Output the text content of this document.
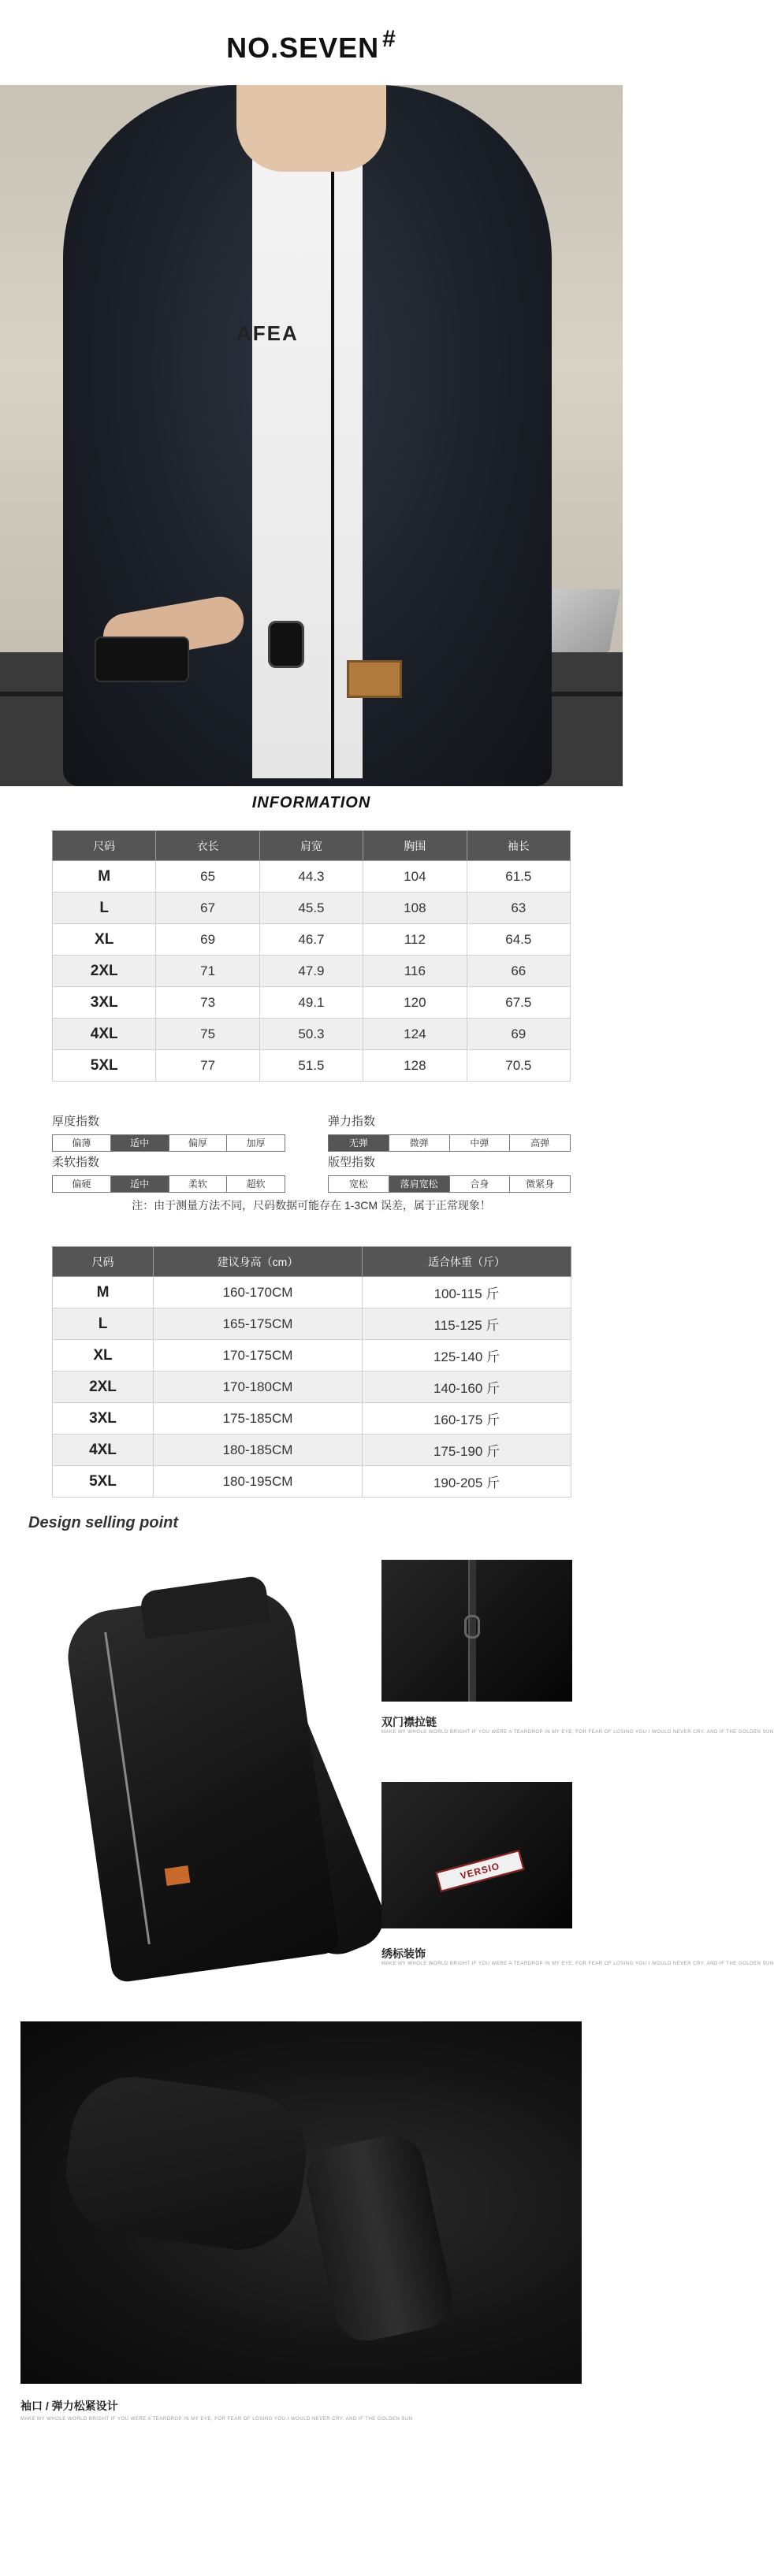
NO.SEVEN #
AFEA
INFORMATION
尺码	衣长	肩宽	胸围	袖长
M	65	44.3	104	61.5
L	67	45.5	108	63
XL	69	46.7	112	64.5
2XL	71	47.9	116	66
3XL	73	49.1	120	67.5
4XL	75	50.3	124	69
5XL	77	51.5	128	70.5
厚度指数
偏薄	适中	偏厚	加厚
弹力指数
无弹	微弹	中弹	高弹
柔软指数
偏硬	适中	柔软	超软
版型指数
宽松	落肩宽松	合身	微紧身
注：由于测量方法不同，尺码数据可能存在 1-3CM 误差，属于正常现象！
尺码	建议身高（cm）	适合体重（斤）
M	160-170CM	100-115 斤
L	165-175CM	115-125 斤
XL	170-175CM	125-140 斤
2XL	170-180CM	140-160 斤
3XL	175-185CM	160-175 斤
4XL	180-185CM	175-190 斤
5XL	180-195CM	190-205 斤
Design selling point
双门襟拉链
MAKE MY WHOLE WORLD BRIGHT IF YOU WERE A TEARDROP IN MY EYE, FOR FEAR OF LOSING YOU I WOULD NEVER CRY. AND IF THE GOLDEN SUN
VERSIO
绣标装饰
MAKE MY WHOLE WORLD BRIGHT IF YOU WERE A TEARDROP IN MY EYE, FOR FEAR OF LOSING YOU I WOULD NEVER CRY. AND IF THE GOLDEN SUN
袖口 / 弹力松紧设计
MAKE MY WHOLE WORLD BRIGHT IF YOU WERE A TEARDROP IN MY EYE, FOR FEAR OF LOSING YOU I WOULD NEVER CRY. AND IF THE GOLDEN SUN
